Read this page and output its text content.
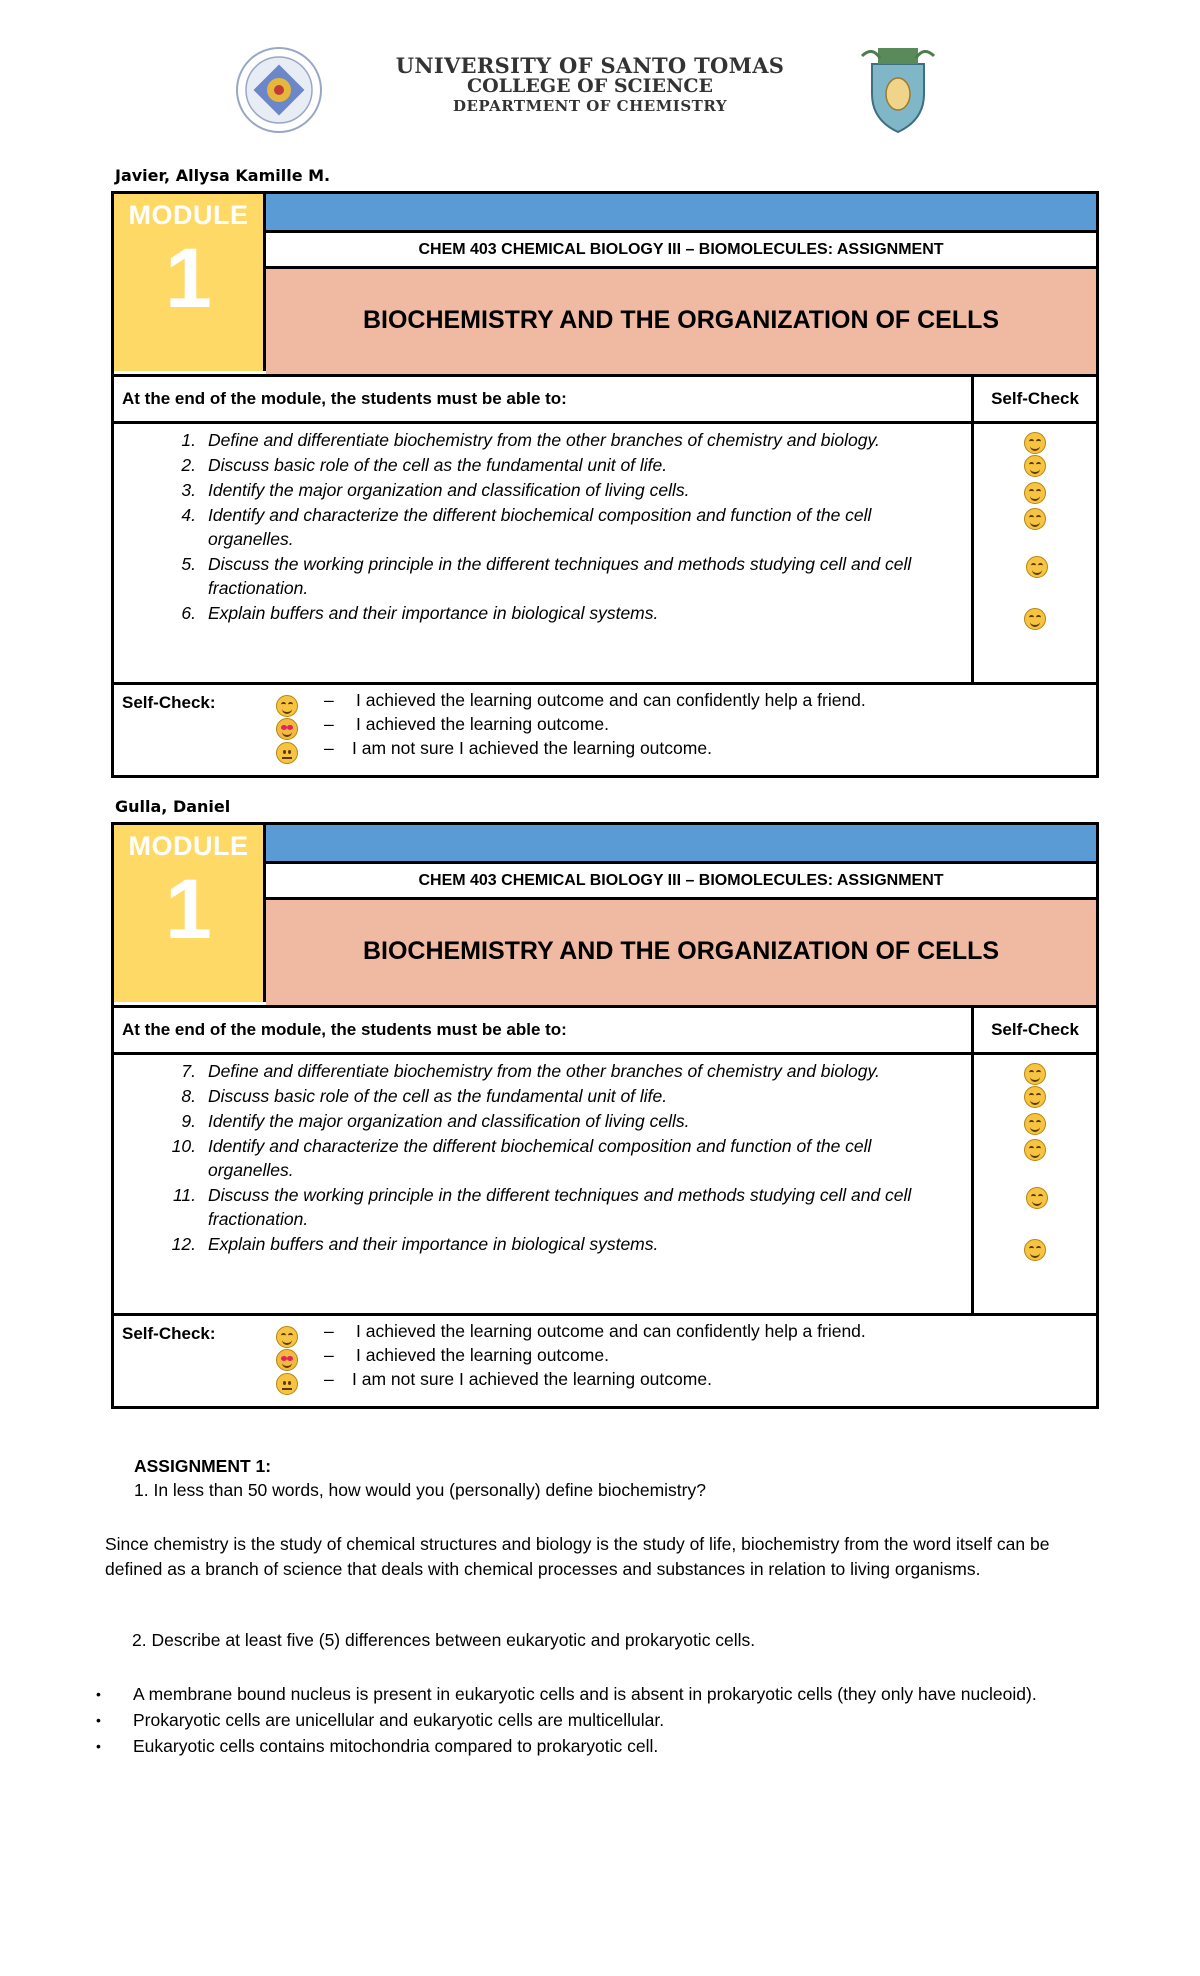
UNIVERSITY OF SANTO TOMAS
COLLEGE OF SCIENCE
DEPARTMENT OF CHEMISTRY
Javier, Allysa Kamille M.
MODULE
1	CHEM 403 CHEMICAL BIOLOGY III – BIOMOLECULES: ASSIGNMENT
BIOCHEMISTRY AND THE ORGANIZATION OF CELLS
At the end of the module, the students must be able to:	Self-Check
1. Define and differentiate biochemistry from the other branches of chemistry and biology.
2. Discuss basic role of the cell as the fundamental unit of life.
3. Identify the major organization and classification of living cells.
4. Identify and characterize the different biochemical composition and function of the cell organelles.
5. Discuss the working principle in the different techniques and methods studying cell and cell fractionation.
6. Explain buffers and their importance in biological systems.
Self-Check:	– I achieved the learning outcome and can confidently help a friend.
– I achieved the learning outcome.
– I am not sure I achieved the learning outcome.
Gulla, Daniel
MODULE
1	CHEM 403 CHEMICAL BIOLOGY III – BIOMOLECULES: ASSIGNMENT
BIOCHEMISTRY AND THE ORGANIZATION OF CELLS
At the end of the module, the students must be able to:	Self-Check
7. Define and differentiate biochemistry from the other branches of chemistry and biology.
8. Discuss basic role of the cell as the fundamental unit of life.
9. Identify the major organization and classification of living cells.
10. Identify and characterize the different biochemical composition and function of the cell organelles.
11. Discuss the working principle in the different techniques and methods studying cell and cell fractionation.
12. Explain buffers and their importance in biological systems.
Self-Check:	– I achieved the learning outcome and can confidently help a friend.
– I achieved the learning outcome.
– I am not sure I achieved the learning outcome.
ASSIGNMENT 1:
1. In less than 50 words, how would you (personally) define biochemistry?
Since chemistry is the study of chemical structures and biology is the study of life, biochemistry from the word itself can be defined as a branch of science that deals with chemical processes and substances in relation to living organisms.
2. Describe at least five (5) differences between eukaryotic and prokaryotic cells.
• A membrane bound nucleus is present in eukaryotic cells and is absent in prokaryotic cells (they only have nucleoid).
• Prokaryotic cells are unicellular and eukaryotic cells are multicellular.
• Eukaryotic cells contains mitochondria compared to prokaryotic cell.
